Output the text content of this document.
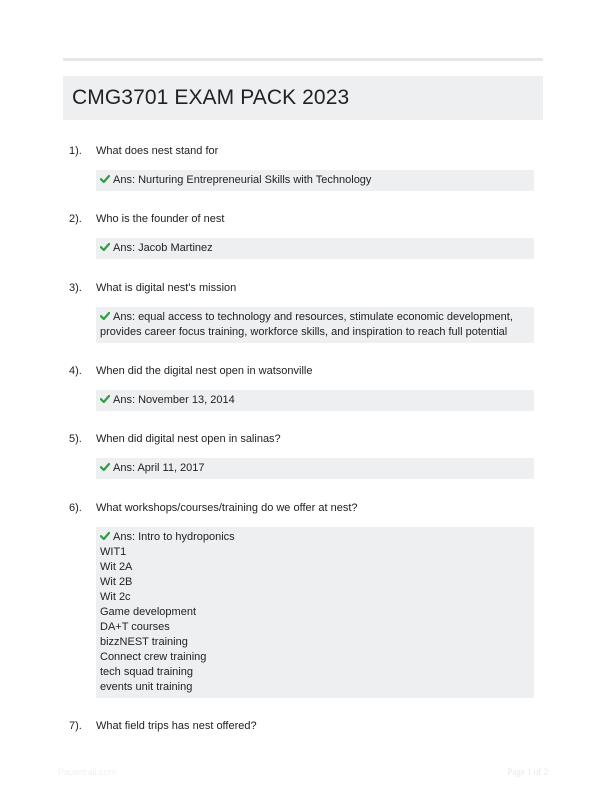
CMG3701 EXAM PACK 2023
1). What does nest stand for
Ans: Nurturing Entrepreneurial Skills with Technology
2). Who is the founder of nest
Ans: Jacob Martinez
3). What is digital nest's mission
Ans: equal access to technology and resources, stimulate economic development,
provides career focus training, workforce skills, and inspiration to reach full potential
4). When did the digital nest open in watsonville
Ans: November 13, 2014
5). When did digital nest open in salinas?
Ans: April 11, 2017
6). What workshops/courses/training do we offer at nest?
Ans: Intro to hydroponics
WIT1
Wit 2A
Wit 2B
Wit 2c
Game development
DA+T courses
bizzNEST training
Connect crew training
tech squad training
events unit training
7). What field trips has nest offered?
Papertrail.com	Page 1 of 2
